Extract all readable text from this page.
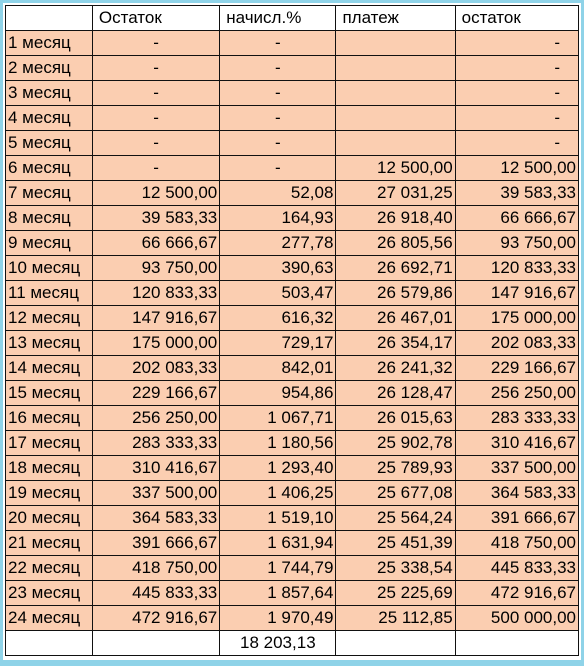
	Остаток	начисл.%	платеж	остаток
1 месяц	-	-		-
2 месяц	-	-		-
3 месяц	-	-		-
4 месяц	-	-		-
5 месяц	-	-		-
6 месяц	-	-	12 500,00	12 500,00
7 месяц	12 500,00	52,08	27 031,25	39 583,33
8 месяц	39 583,33	164,93	26 918,40	66 666,67
9 месяц	66 666,67	277,78	26 805,56	93 750,00
10 месяц	93 750,00	390,63	26 692,71	120 833,33
11 месяц	120 833,33	503,47	26 579,86	147 916,67
12 месяц	147 916,67	616,32	26 467,01	175 000,00
13 месяц	175 000,00	729,17	26 354,17	202 083,33
14 месяц	202 083,33	842,01	26 241,32	229 166,67
15 месяц	229 166,67	954,86	26 128,47	256 250,00
16 месяц	256 250,00	1 067,71	26 015,63	283 333,33
17 месяц	283 333,33	1 180,56	25 902,78	310 416,67
18 месяц	310 416,67	1 293,40	25 789,93	337 500,00
19 месяц	337 500,00	1 406,25	25 677,08	364 583,33
20 месяц	364 583,33	1 519,10	25 564,24	391 666,67
21 месяц	391 666,67	1 631,94	25 451,39	418 750,00
22 месяц	418 750,00	1 744,79	25 338,54	445 833,33
23 месяц	445 833,33	1 857,64	25 225,69	472 916,67
24 месяц	472 916,67	1 970,49	25 112,85	500 000,00
		18 203,13		
